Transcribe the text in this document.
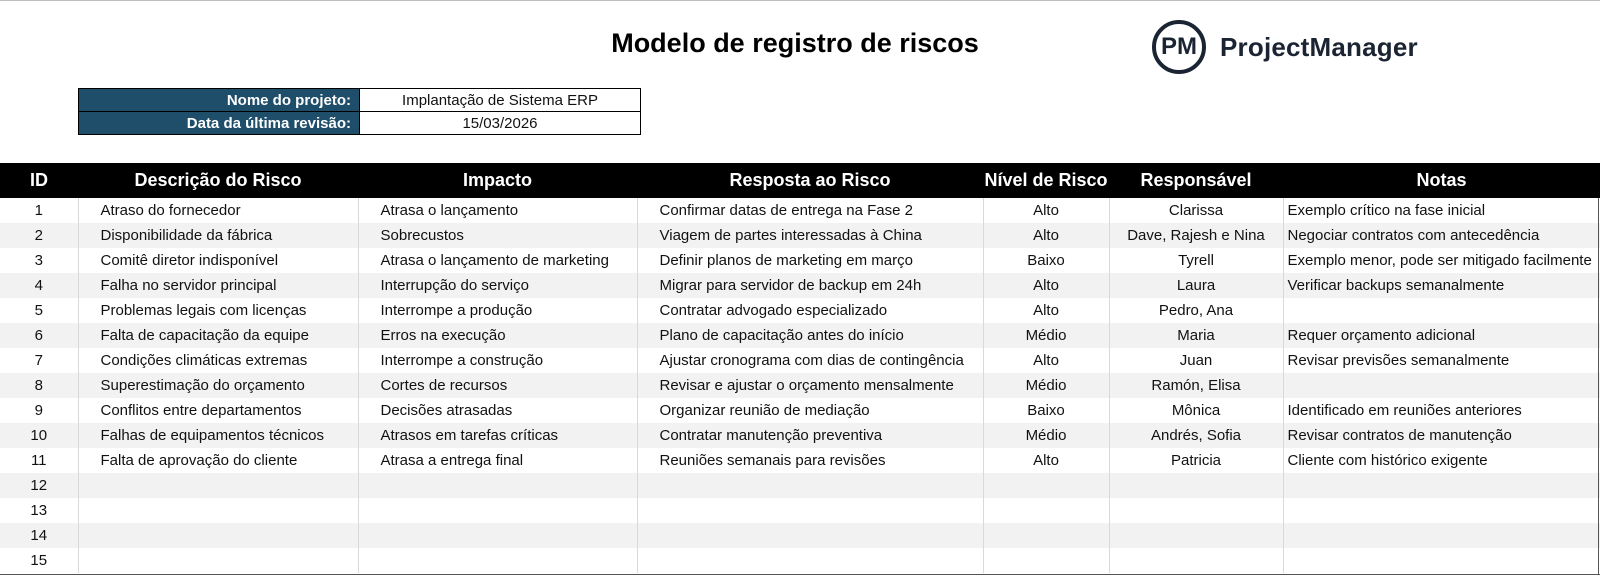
Modelo de registro de riscos	PM ProjectManager
Nome do projeto:	Implantação de Sistema ERP
Data da última revisão:	15/03/2026
ID	Descrição do Risco	Impacto	Resposta ao Risco	Nível de Risco	Responsável	Notas
1	Atraso do fornecedor	Atrasa o lançamento	Confirmar datas de entrega na Fase 2	Alto	Clarissa	Exemplo crítico na fase inicial
2	Disponibilidade da fábrica	Sobrecustos	Viagem de partes interessadas à China	Alto	Dave, Rajesh e Nina	Negociar contratos com antecedência
3	Comitê diretor indisponível	Atrasa o lançamento de marketing	Definir planos de marketing em março	Baixo	Tyrell	Exemplo menor, pode ser mitigado facilmente
4	Falha no servidor principal	Interrupção do serviço	Migrar para servidor de backup em 24h	Alto	Laura	Verificar backups semanalmente
5	Problemas legais com licenças	Interrompe a produção	Contratar advogado especializado	Alto	Pedro, Ana	
6	Falta de capacitação da equipe	Erros na execução	Plano de capacitação antes do início	Médio	Maria	Requer orçamento adicional
7	Condições climáticas extremas	Interrompe a construção	Ajustar cronograma com dias de contingência	Alto	Juan	Revisar previsões semanalmente
8	Superestimação do orçamento	Cortes de recursos	Revisar e ajustar o orçamento mensalmente	Médio	Ramón, Elisa	
9	Conflitos entre departamentos	Decisões atrasadas	Organizar reunião de mediação	Baixo	Mônica	Identificado em reuniões anteriores
10	Falhas de equipamentos técnicos	Atrasos em tarefas críticas	Contratar manutenção preventiva	Médio	Andrés, Sofia	Revisar contratos de manutenção
11	Falta de aprovação do cliente	Atrasa a entrega final	Reuniões semanais para revisões	Alto	Patricia	Cliente com histórico exigente
12						
13						
14						
15						
